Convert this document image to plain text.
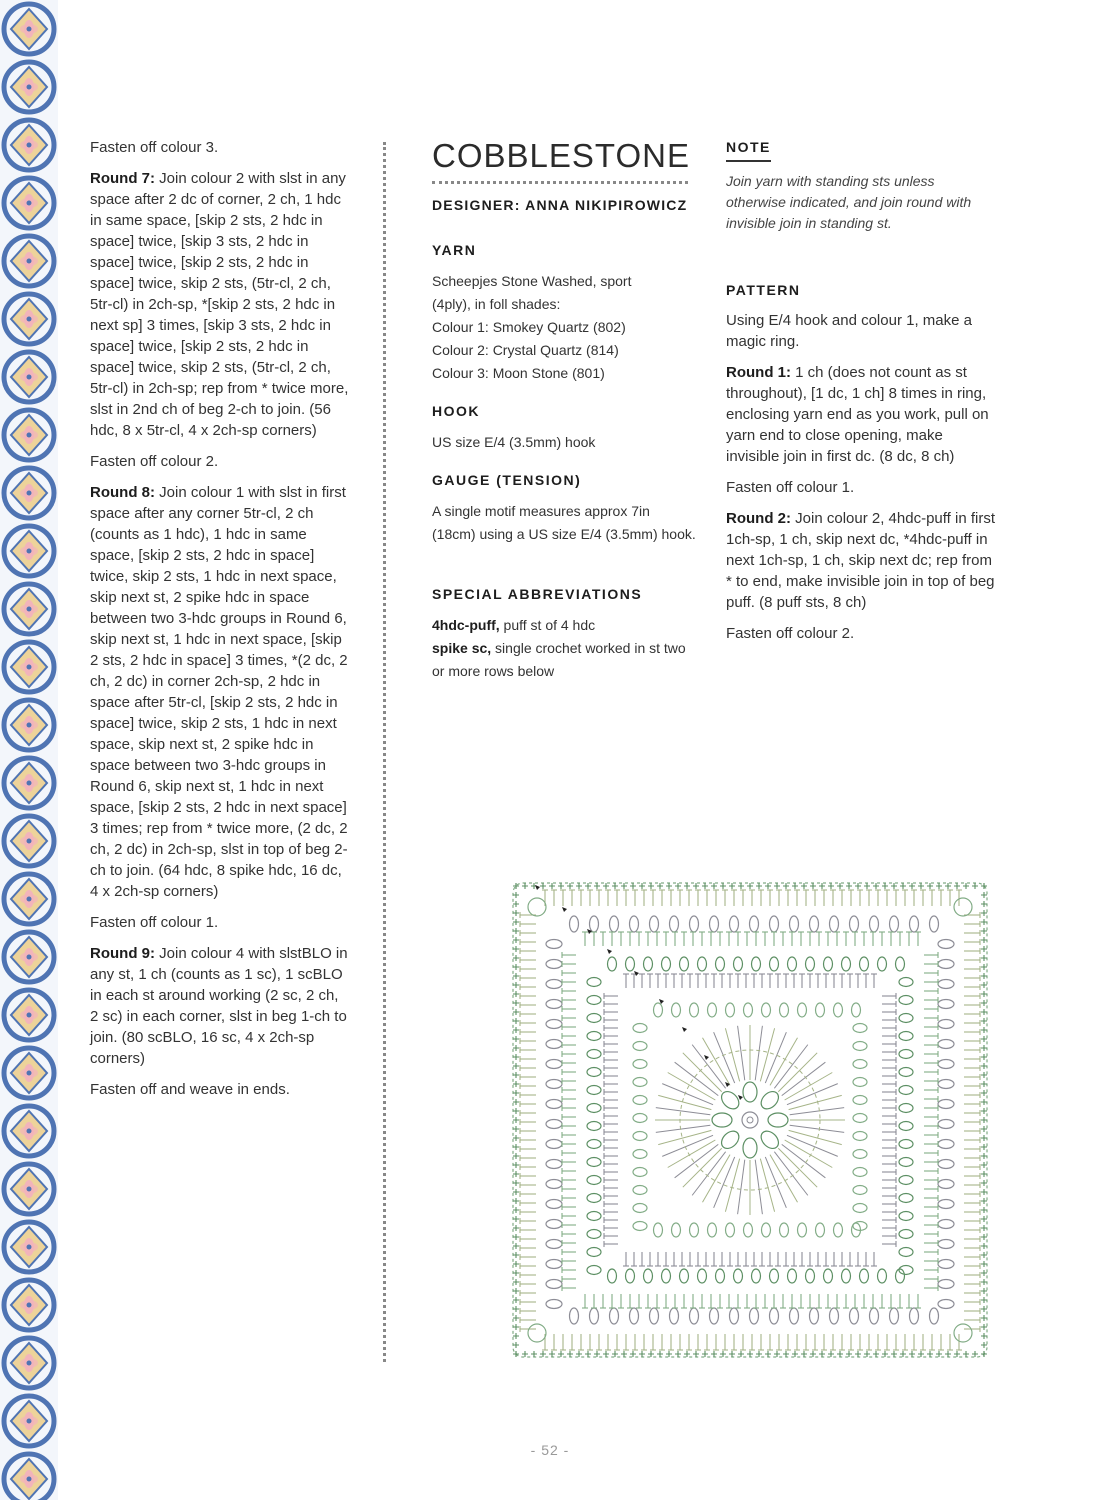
Fasten off colour 3.

Round 7: Join colour 2 with slst in any space after 2 dc of corner, 2 ch, 1 hdc in same space, [skip 2 sts, 2 hdc in space] twice, [skip 3 sts, 2 hdc in space] twice, [skip 2 sts, 2 hdc in space] twice, skip 2 sts, (5tr-cl, 2 ch, 5tr-cl) in 2ch-sp, *[skip 2 sts, 2 hdc in next sp] 3 times, [skip 3 sts, 2 hdc in space] twice, [skip 2 sts, 2 hdc in space] twice, skip 2 sts, (5tr-cl, 2 ch, 5tr-cl) in 2ch-sp; rep from * twice more, slst in 2nd ch of beg 2-ch to join. (56 hdc, 8 x 5tr-cl, 4 x 2ch-sp corners)

Fasten off colour 2.

Round 8: Join colour 1 with slst in first space after any corner 5tr-cl, 2 ch (counts as 1 hdc), 1 hdc in same space, [skip 2 sts, 2 hdc in space] twice, skip 2 sts, 1 hdc in next space, skip next st, 2 spike hdc in space between two 3-hdc groups in Round 6, skip next st, 1 hdc in next space, [skip 2 sts, 2 hdc in space] 3 times, *(2 dc, 2 ch, 2 dc) in corner 2ch-sp, 2 hdc in space after 5tr-cl, [skip 2 sts, 2 hdc in space] twice, skip 2 sts, 1 hdc in next space, skip next st, 2 spike hdc in space between two 3-hdc groups in Round 6, skip next st, 1 hdc in next space, [skip 2 sts, 2 hdc in next space] 3 times; rep from * twice more, (2 dc, 2 ch, 2 dc) in 2ch-sp, slst in top of beg 2-ch to join. (64 hdc, 8 spike hdc, 16 dc, 4 x 2ch-sp corners)

Fasten off colour 1.

Round 9: Join colour 4 with slstBLO in any st, 1 ch (counts as 1 sc), 1 scBLO in each st around working (2 sc, 2 ch, 2 sc) in each corner, slst in beg 1-ch to join. (80 scBLO, 16 sc, 4 x 2ch-sp corners)

Fasten off and weave in ends.

COBBLESTONE
DESIGNER: ANNA NIKIPIROWICZ
YARN
Scheepjes Stone Washed, sport
(4ply), in foll shades:
Colour 1: Smokey Quartz (802)
Colour 2: Crystal Quartz (814)
Colour 3: Moon Stone (801)
HOOK
US size E/4 (3.5mm) hook
GAUGE (TENSION)
A single motif measures approx 7in (18cm) using a US size E/4 (3.5mm) hook.
SPECIAL ABBREVIATIONS
4hdc-puff, puff st of 4 hdc
spike sc, single crochet worked in st two or more rows below
NOTE
Join yarn with standing sts unless otherwise indicated, and join round with invisible join in standing st.
PATTERN

Using E/4 hook and colour 1, make a magic ring.

Round 1: 1 ch (does not count as st throughout), [1 dc, 1 ch] 8 times in ring, enclosing yarn end as you work, pull on yarn end to close opening, make invisible join in first dc. (8 dc, 8 ch)

Fasten off colour 1.

Round 2: Join colour 2, 4hdc-puff in first 1ch-sp, 1 ch, skip next dc, *4hdc-puff in next 1ch-sp, 1 ch, skip next dc; rep from * to end, make invisible join in top of beg puff. (8 puff sts, 8 ch)

Fasten off colour 2.

- 52 -
